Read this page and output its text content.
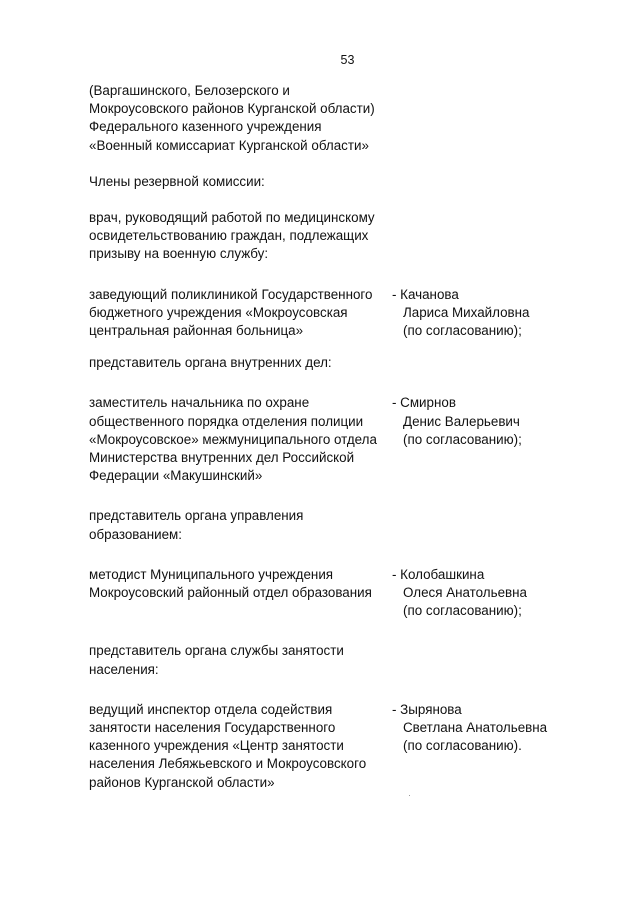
53

(Варгашинского, Белозерского и
Мокроусовского районов Курганской области)
Федерального казенного учреждения
«Военный комиссариат Курганской области»

Члены резервной комиссии:

врач, руководящий работой по медицинскому
освидетельствованию граждан, подлежащих
призыву на военную службу:

заведующий поликлиникой Государственного
бюджетного учреждения «Мокроусовская
центральная районная больница»
- Качанова
Лариса Михайловна
(по согласованию);

представитель органа внутренних дел:

заместитель начальника по охране
общественного порядка отделения полиции
«Мокроусовское» межмуниципального отдела
Министерства внутренних дел Российской
Федерации «Макушинский»
- Смирнов
Денис Валерьевич
(по согласованию);

представитель органа управления
образованием:

методист Муниципального учреждения
Мокроусовский районный отдел образования

- Колобашкина
Олеся Анатольевна
(по согласованию);

представитель органа службы занятости
населения:

ведущий инспектор отдела содействия
занятости населения Государственного
казенного учреждения «Центр занятости
населения Лебяжьевского и Мокроусовского
районов Курганской области»
- Зырянова
Светлана Анатольевна
(по согласованию).
